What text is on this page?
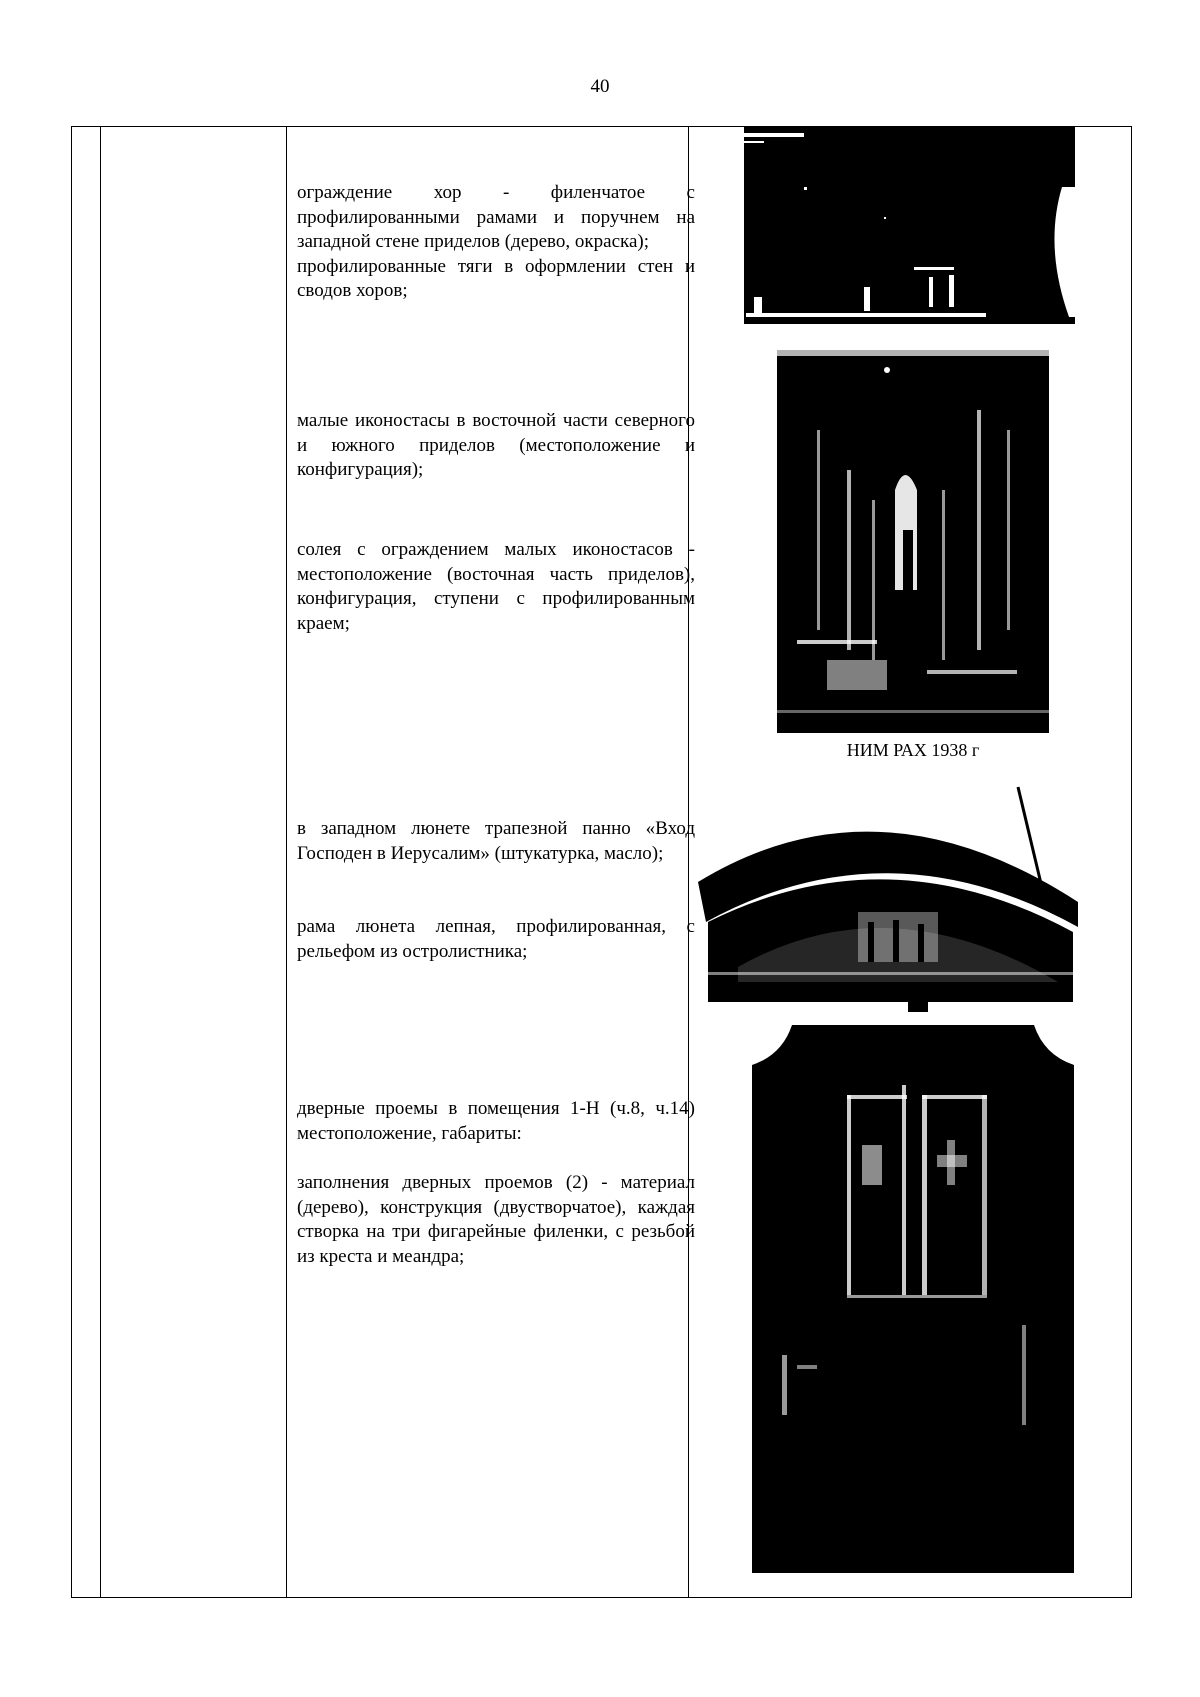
40

ограждение хор - филенчатое с профилированными рамами и поручнем на западной стене приделов (дерево, окраска);

профилированные тяги в оформлении стен и сводов хоров;

малые иконостасы в восточной части северного и южного приделов (местоположение и конфигурация);

солея с ограждением малых иконостасов - местоположение (восточная часть приделов), конфигурация, ступени с профилированным краем;

в западном люнете трапезной панно «Вход Господен в Иерусалим» (штукатурка, масло);

рама люнета лепная, профилированная, с рельефом из остролистника;

дверные проемы в помещения 1-Н (ч.8, ч.14) местоположение, габариты:

заполнения дверных проемов (2) - материал (дерево), конструкция (двустворчатое), каждая створка на три фигарейные филенки, с резьбой из креста и меандра;

НИМ РАХ 1938 г
